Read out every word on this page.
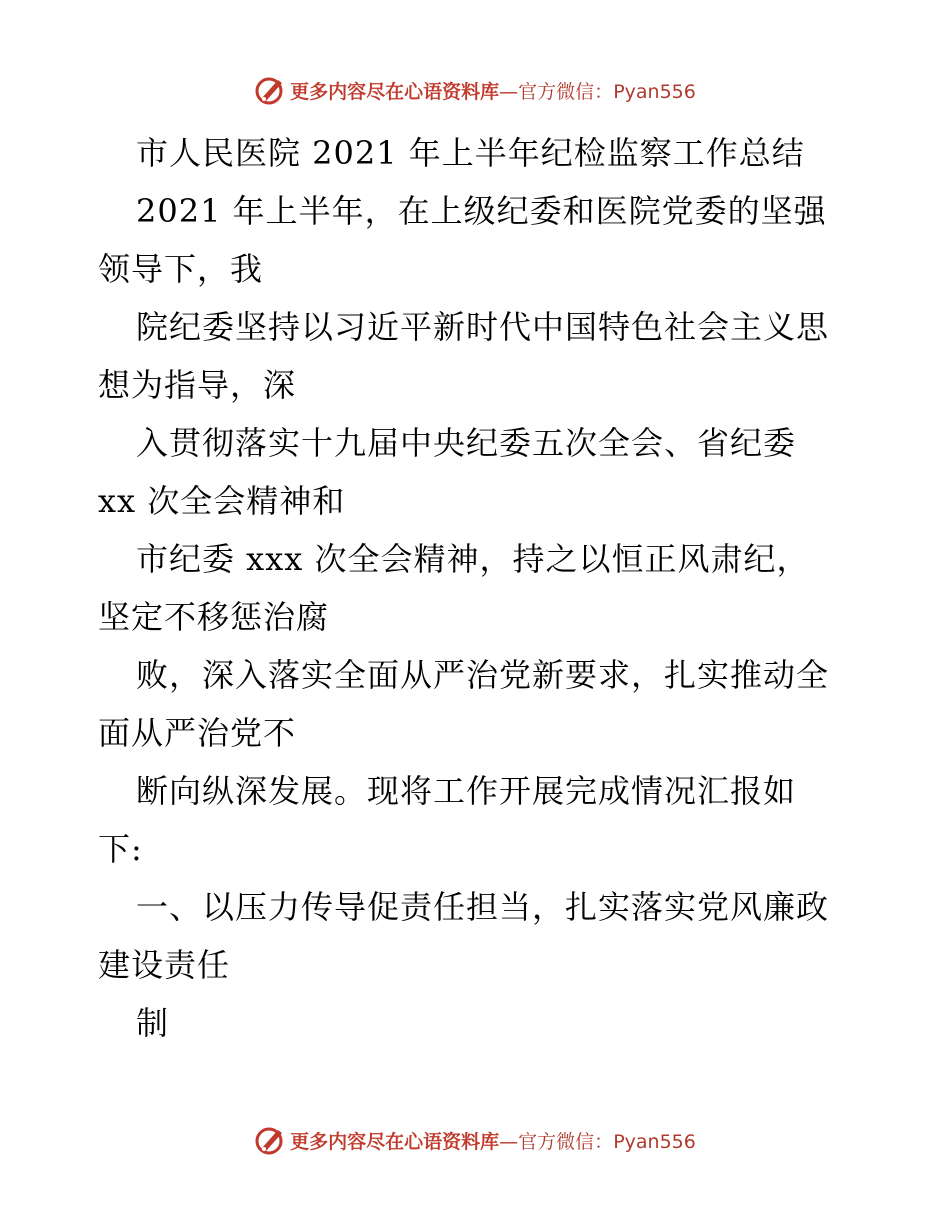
更多内容尽在心语资料库—官方微信：Pyan556
市人民医院 2021 年上半年纪检监察工作总结
2021 年上半年，在上级纪委和医院党委的坚强
领导下，我
院纪委坚持以习近平新时代中国特色社会主义思
想为指导，深
入贯彻落实十九届中央纪委五次全会、省纪委
xx 次全会精神和
市纪委 xxx 次全会精神，持之以恒正风肃纪，
坚定不移惩治腐
败，深入落实全面从严治党新要求，扎实推动全
面从严治党不
断向纵深发展。现将工作开展完成情况汇报如
下:
一、以压力传导促责任担当，扎实落实党风廉政
建设责任
制
更多内容尽在心语资料库—官方微信：Pyan556
